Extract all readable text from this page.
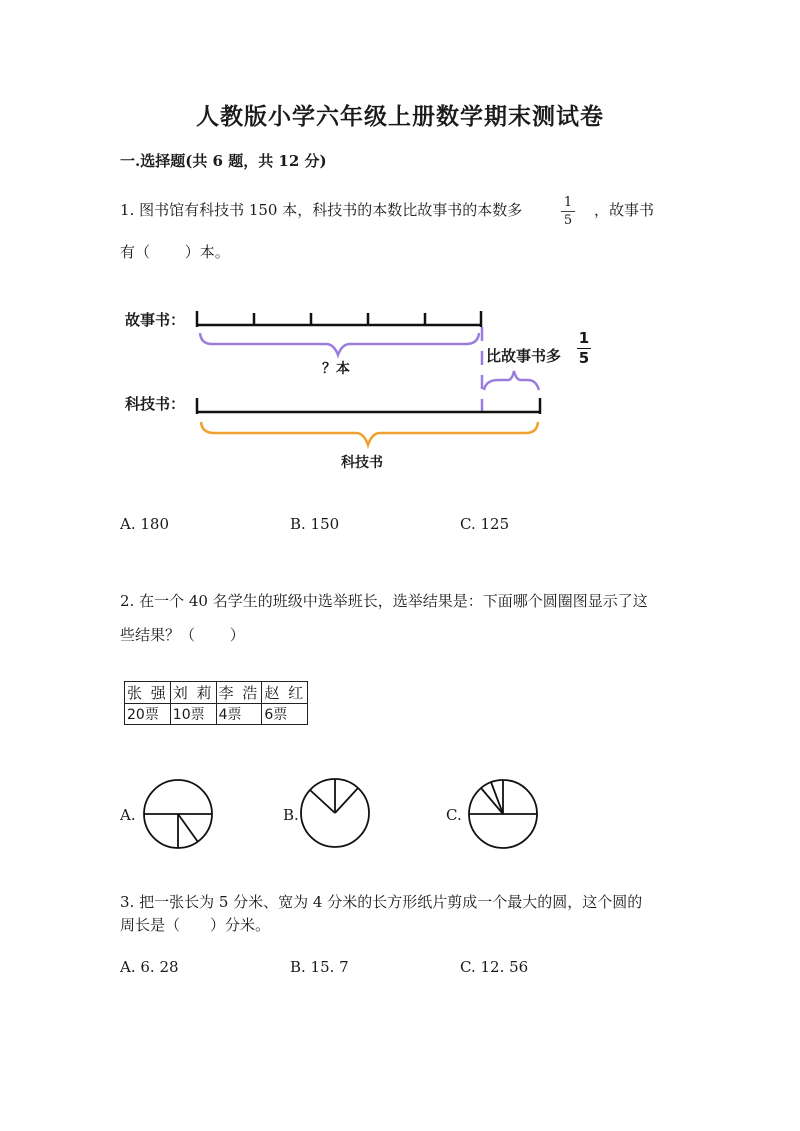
人教版小学六年级上册数学期末测试卷
一.选择题(共 6 题，共 12 分)
1. 图书馆有科技书 150 本，科技书的本数比故事书的本数多	1
5
，故事书
有（　　 ）本。
故事书：
？本
比故事书多
1
5
科技书：
科技书
A. 180	B. 150	C. 125
2. 在一个 40 名学生的班级中选举班长，选举结果是：下面哪个圆圈图显示了这
些结果？（　　 ）
张 强	刘 莉	李 浩	赵 红
20票	10票	4票	6票
A.	B.	C.
3. 把一张长为 5 分米、宽为 4 分米的长方形纸片剪成一个最大的圆，这个圆的
周长是（　　）分米。
A. 6. 28	B. 15. 7	C. 12. 56
